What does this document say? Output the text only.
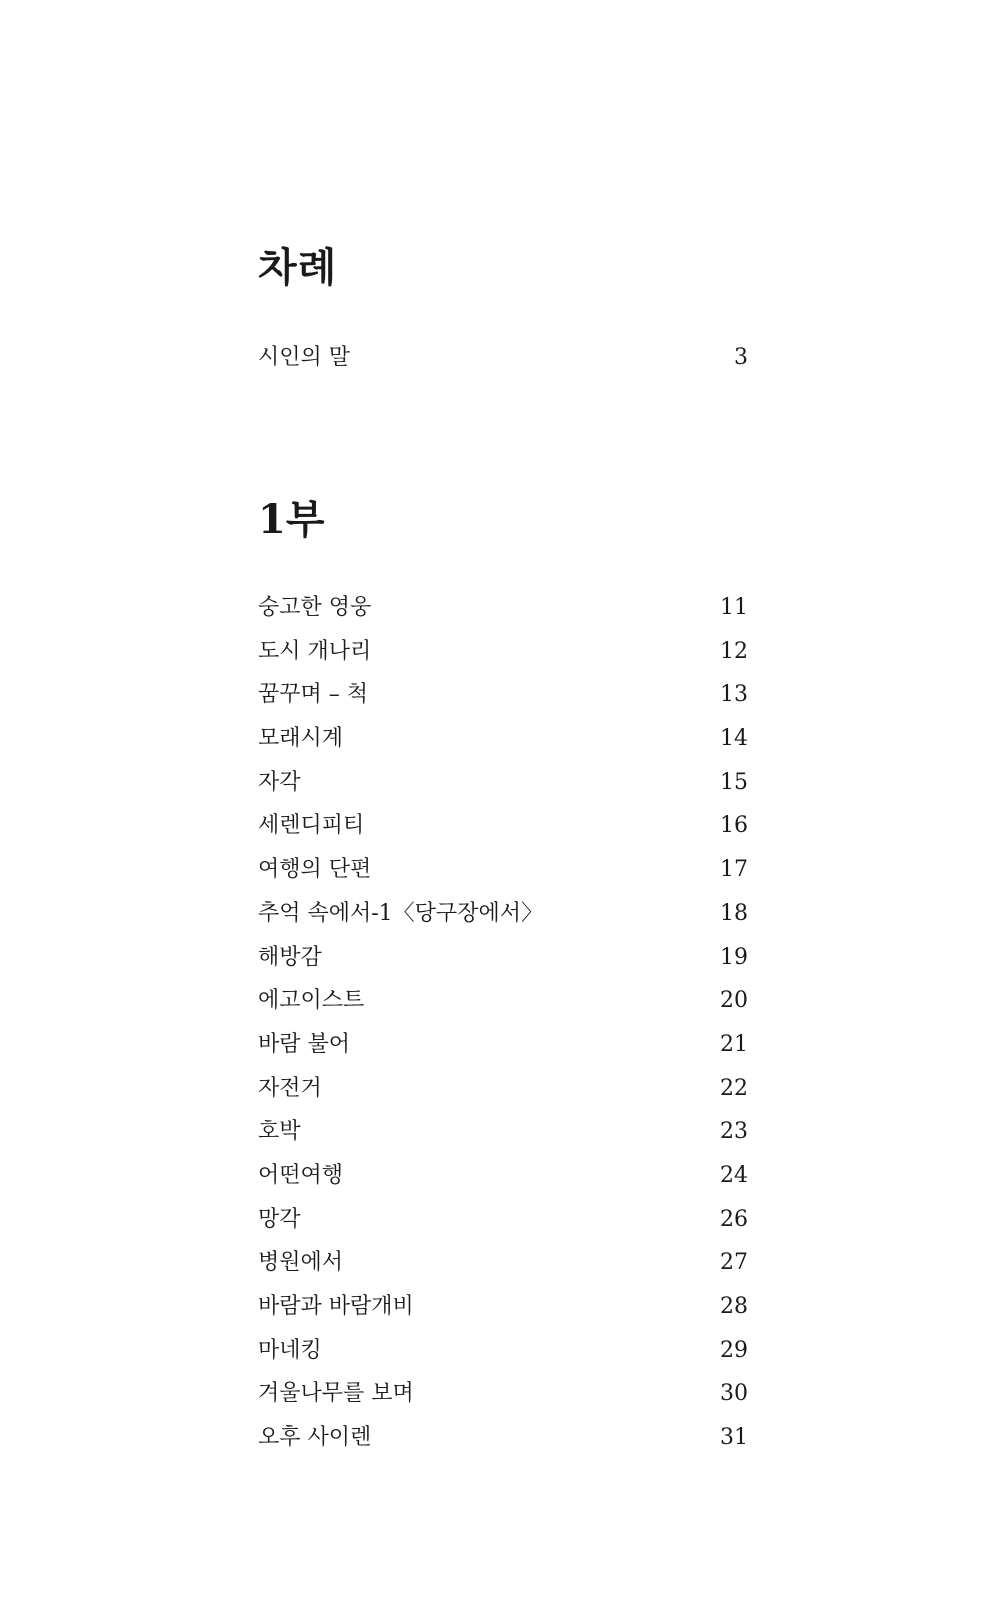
차례
시인의 말	3
1부
숭고한 영웅	11
도시 개나리	12
꿈꾸며 – 척	13
모래시계	14
자각	15
세렌디피티	16
여행의 단편	17
추억 속에서-1〈당구장에서〉	18
해방감	19
에고이스트	20
바람 불어	21
자전거	22
호박	23
어떤여행	24
망각	26
병원에서	27
바람과 바람개비	28
마네킹	29
겨울나무를 보며	30
오후 사이렌	31
